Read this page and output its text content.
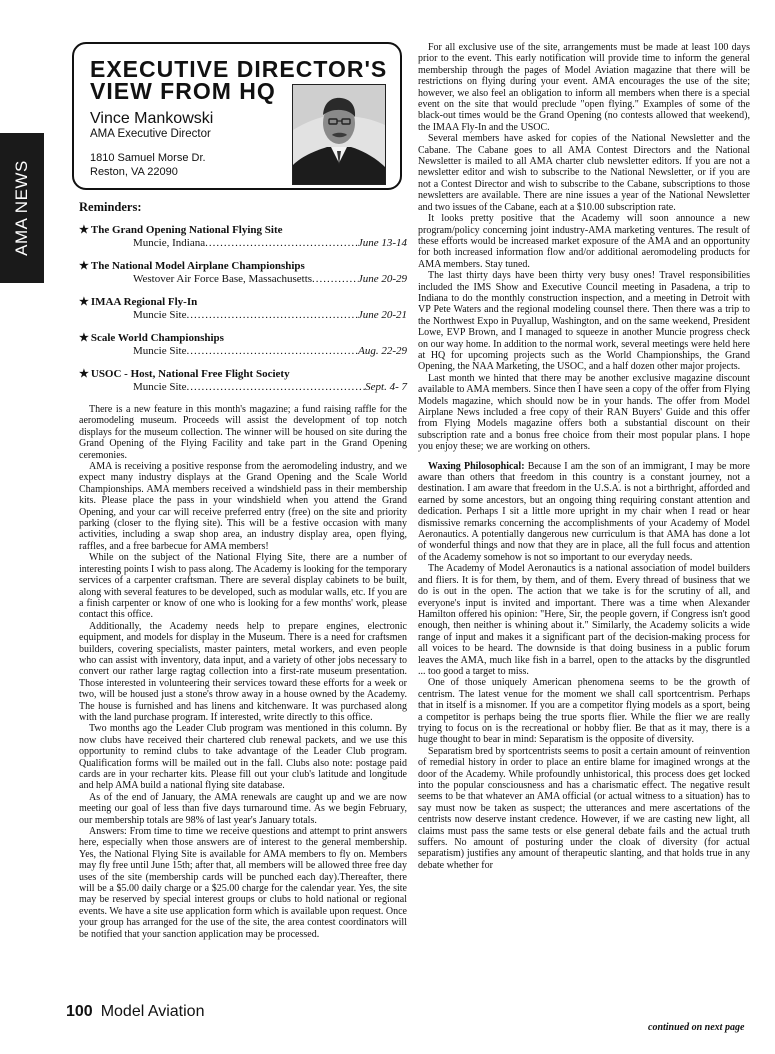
AMA NEWS
EXECUTIVE DIRECTOR'S
VIEW FROM HQ
Vince Mankowski
AMA Executive Director
1810 Samuel Morse Dr.
Reston, VA 22090
Reminders:
★ The Grand Opening National Flying Site
Muncie, Indiana .....	June 13-14
★ The National Model Airplane Championships
Westover Air Force Base, Massachusetts .....	June 20-29
★ IMAA Regional Fly-In
Muncie Site .....	June 20-21
★ Scale World Championships
Muncie Site .....	Aug. 22-29
★ USOC - Host, National Free Flight Society
Muncie Site .....	Sept. 4- 7

There is a new feature in this month's magazine; a fund raising raffle for the aeromodeling museum. Proceeds will assist the development of top notch displays for the museum collection. The winner will be housed on site during the Grand Opening of the Flying Facility and take part in the Grand Opening ceremonies.

AMA is receiving a positive response from the aeromodeling industry, and we expect many industry displays at the Grand Opening and the Scale World Championships. AMA members received a windshield pass in their membership kits. Please place the pass in your windshield when you attend the Grand Opening, and your car will receive preferred entry (free) on the site and priority parking (closer to the flying site). This will be a festive occasion with many activities, including a swap shop area, an industry display area, open flying, raffles, and a free barbecue for AMA members!

While on the subject of the National Flying Site, there are a number of interesting points I wish to pass along. The Academy is looking for the temporary services of a carpenter craftsman. There are several display cabinets to be built, along with several features to be developed, such as modular walls, etc. If you are a finish carpenter or know of one who is looking for a few months' work, please contact this office.

Additionally, the Academy needs help to prepare engines, electronic equipment, and models for display in the Museum. There is a need for craftsmen builders, covering specialists, master painters, metal workers, and even people who can assist with inventory, data input, and a variety of other jobs necessary to convert our rather large ragtag collection into a first-rate museum presentation. Those interested in volunteering their services toward these efforts for a week or two, will be housed just a stone's throw away in a house owned by the Academy. The house is furnished and has linens and kitchenware. It was purchased along with the land purchase program. If interested, write directly to this office.

Two months ago the Leader Club program was mentioned in this column. By now clubs have received their chartered club renewal packets, and we use this opportunity to remind clubs to take advantage of the Leader Club program. Qualification forms will be mailed out in the fall. Clubs also note: postage paid cards are in your recharter kits. Please fill out your club's latitude and longitude and help AMA build a national flying site database.

As of the end of January, the AMA renewals are caught up and we are now meeting our goal of less than five days turnaround time. As we begin February, our membership totals are 98% of last year's January totals.

Answers: From time to time we receive questions and attempt to print answers here, especially when those answers are of interest to the general membership. Yes, the National Flying Site is available for AMA members to fly on. Members may fly free until June 15th; after that, all members will be allowed three free day uses of the site (membership cards will be punched each day).Thereafter, there will be a $5.00 daily charge or a $25.00 charge for the calendar year. Yes, the site may be reserved by special interest groups or clubs to hold national or regional events. We have a site use application form which is available upon request. Once your group has arranged for the use of the site, the area contest coordinators will be notified that your sanction application may be processed.

For all exclusive use of the site, arrangements must be made at least 100 days prior to the event. This early notification will provide time to inform the general membership through the pages of Model Aviation magazine that there will be restrictions on flying during your event. AMA encourages the use of the site; however, we also feel an obligation to inform all members when there is a special event on the site that would preclude "open flying." Examples of some of the black-out times would be the Grand Opening (no contests allowed that weekend), the IMAA Fly-In and the USOC.

Several members have asked for copies of the National Newsletter and the Cabane. The Cabane goes to all AMA Contest Directors and the National Newsletter is mailed to all AMA charter club newsletter editors. If you are not a newsletter editor and wish to subscribe to the National Newsletter, or if you are not a Contest Director and wish to subscribe to the Cabane, subscriptions to those newsletters are available. There are nine issues a year of the National Newsletter and two issues of the Cabane, each at a $10.00 subscription rate.

It looks pretty positive that the Academy will soon announce a new program/policy concerning joint industry-AMA marketing ventures. The result of these efforts would be increased market exposure of the AMA and an opportunity for both increased information flow and/or additional aeromodeling products for AMA members. Stay tuned.

The last thirty days have been thirty very busy ones! Travel responsibilities included the IMS Show and Executive Council meeting in Pasadena, a trip to Indiana to do the monthly construction inspection, and a meeting in Detroit with VP Pete Waters and the regional modeling counsel there. Then there was a trip to the Northwest Expo in Puyallup, Washington, and on the same weekend, President Lowe, EVP Brown, and I managed to squeeze in another Muncie progress check on our way home. In addition to the normal work, several meetings were held here at HQ for upcoming projects such as the World Championships, the Grand Opening, the NAA Marketing, the USOC, and a half dozen other major projects.

Last month we hinted that there may be another exclusive magazine discount available to AMA members. Since then I have seen a copy of the offer from Flying Models magazine, which should now be in your hands. The offer from Model Airplane News included a free copy of their RAN Buyers' Guide and this offer from Flying Models magazine offers both a substantial discount on their subscription rate and a bonus free choice from their most popular plans. I hope you enjoy these; we are working on others.

Waxing Philosophical: Because I am the son of an immigrant, I may be more aware than others that freedom in this country is a constant journey, not a destination. I am aware that freedom in the U.S.A. is not a birthright, afforded and earned by some ancestors, but an ongoing thing requiring constant attention and dedication. Perhaps I sit a little more upright in my chair when I read or hear dismissive remarks concerning the accomplishments of your Academy of Model Aeronautics. A potentially dangerous new curriculum is that AMA has done a lot of wonderful things and now that they are in place, all the full focus and attention of the Academy somehow is not so important to our everyday needs.

The Academy of Model Aeronautics is a national association of model builders and fliers. It is for them, by them, and of them. Every thread of business that we do is out in the open. The action that we take is for the scrutiny of all, and everyone's input is invited and important. There was a time when Alexander Hamilton offered his opinion: "Here, Sir, the people govern, if Congress isn't good enough, then neither is whining about it." Similarly, the Academy solicits a wide range of input and makes it a significant part of the decision-making process for all voices to be heard. The downside is that doing business in a public forum leaves the AMA, much like fish in a barrel, open to the attacks by the disgruntled ... too good a target to miss.

One of those uniquely American phenomena seems to be the growth of centrism. The latest venue for the moment we shall call sportcentrism. Perhaps that in itself is a misnomer. If you are a competitor flying models as a sport, being a competitor is perhaps being the true sports flier. While the flier we are really trying to focus on is the recreational or hobby flier. Be that as it may, there is a huge thought to bear in mind: Separatism is the opposite of diversity.

Separatism bred by sportcentrists seems to posit a certain amount of reinvention of remedial history in order to place an entire blame for imagined wrongs at the door of the Academy. While profoundly unhistorical, this process does get locked into the popular consciousness and has a charismatic effect. The negative result seems to be that whatever an AMA official (or actual witness to a situation) has to say must now be taken as suspect; the utterances and mere ascertations of the centrists now deserve instant credence. However, if we are casting new light, all claims must pass the same tests or else general debate fails and the actual truth suffers. No amount of posturing under the cloak of diversity (for actual separatism) justifies any amount of therapeutic slanting, and that holds true in any debate whether for

continued on next page
100 Model Aviation
